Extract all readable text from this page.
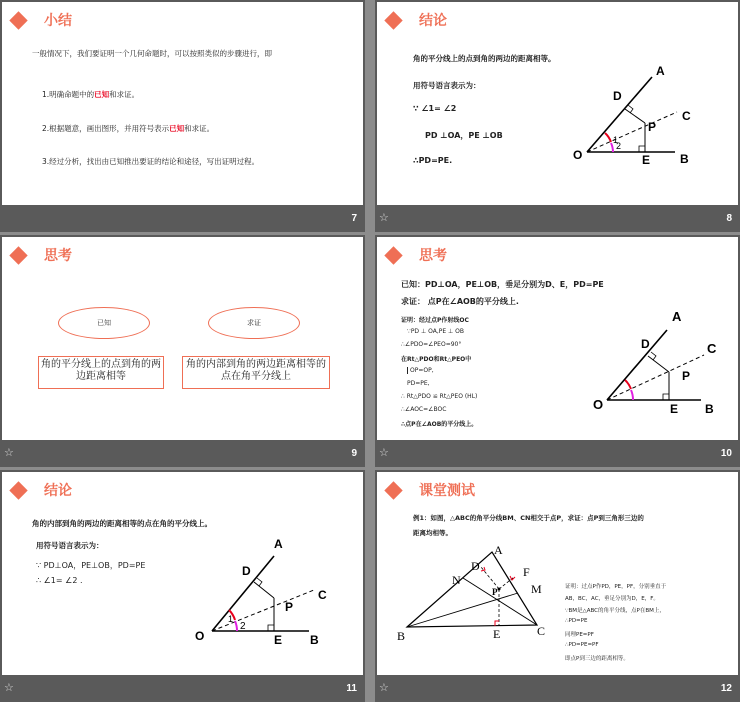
小结
一般情况下，我们要证明一个几何命题时，可以按照类似的步骤进行，即
1.明确命题中的已知和求证。
2.根据题意，画出图形，并用符号表示已知和求证。
3.经过分析，找出由已知推出要证的结论和途径，写出证明过程。
7
结论
角的平分线上的点到角的两边的距离相等。
用符号语言表示为：
∵ ∠1= ∠2
PD ⊥OA，PE ⊥OB
∴PD=PE.
A
D
C
P
O	E B
1
2
☆	8
思考
已知	求证
角的平分线上的点到角的两边距离相等
角的内部到角的两边距离相等的点在角平分线上
☆	9
思考
已知：PD⊥OA，PE⊥OB，垂足分别为D、E，PD=PE
求证： 点P在∠AOB的平分线上.
证明：经过点P作射线OC
∵PD ⊥ OA,PE ⊥ OB
∴∠PDO=∠PEO=90°
在Rt△PDO和Rt△PEO中
OP=OP,
PD=PE,
∴ Rt△PDO ≌ Rt△PEO (HL)
∴∠AOC=∠BOC
∴点P在∠AOB的平分线上。
A
D	C
P
O	E B
☆	10
结论
角的内部到角的两边的距离相等的点在角的平分线上。
用符号语言表示为：
∵ PD⊥OA，PE⊥OB，PD=PE
∴ ∠1= ∠2 .
A
D
C
P
O	E B
1
2
☆	11
课堂测试
例1：如图，△ABC的角平分线BM、CN相交于点P，求证：点P到三角形三边的
距离均相等。
证明：过点P作PD，PE，PF，分别垂直于
AB，BC，AC，垂足分别为D，E，F。
∵BM是△ABC的角平分线，点P在BM上，
∴PD=PE
同理PE=PF
∴PD=PE=PF
即点P到三边的距离相等。
A
D
N
F
M
P
B	E	C
☆	12
